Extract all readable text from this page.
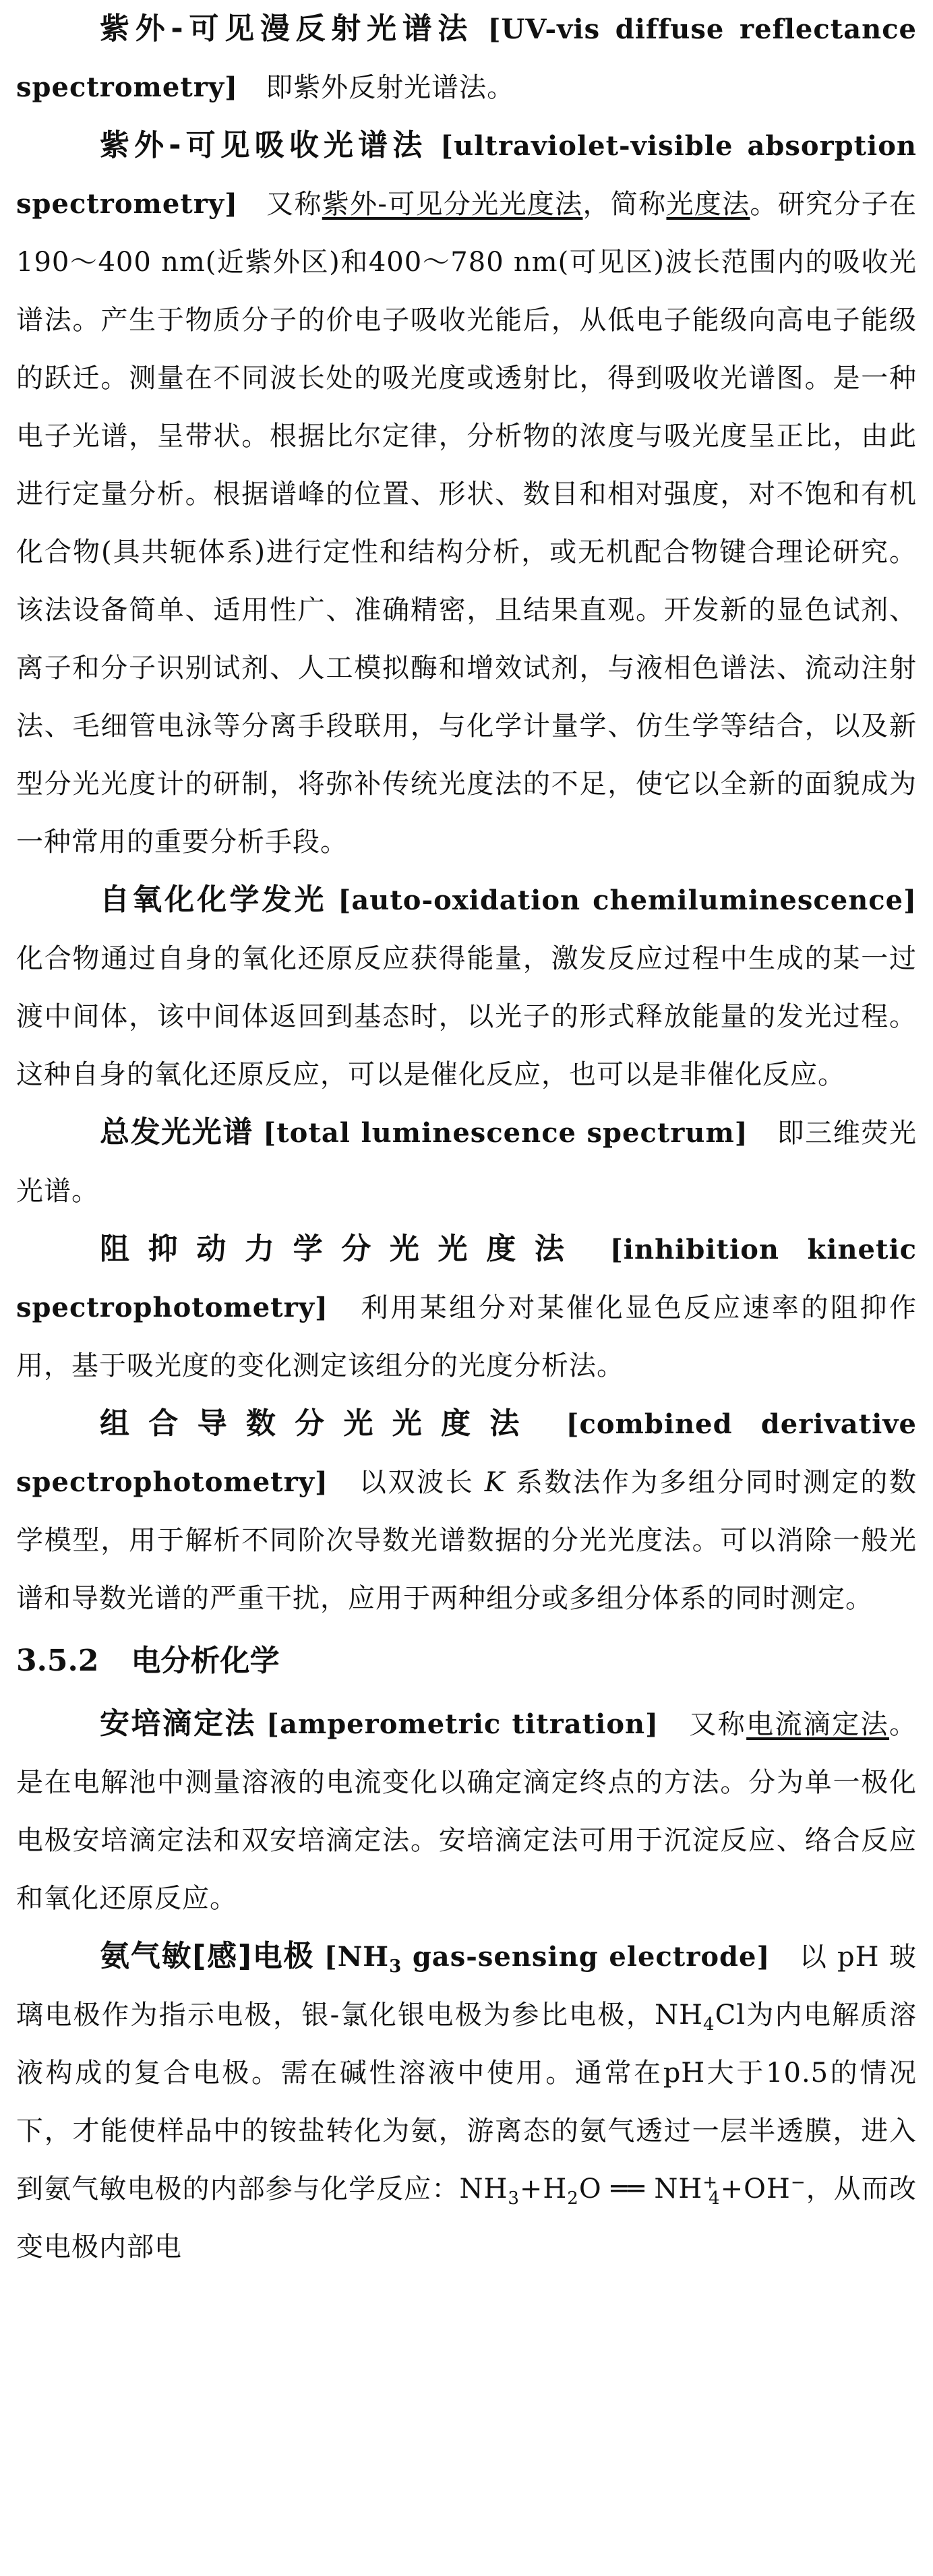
紫外-可见漫反射光谱法 [UV-vis diffuse reflectance spectrometry] 即紫外反射光谱法。

紫外-可见吸收光谱法 [ultraviolet-visible absorption spectrometry] 又称紫外-可见分光光度法，简称光度法。研究分子在190～400 nm(近紫外区)和400～780 nm(可见区)波长范围内的吸收光谱法。产生于物质分子的价电子吸收光能后，从低电子能级向高电子能级的跃迁。测量在不同波长处的吸光度或透射比，得到吸收光谱图。是一种电子光谱，呈带状。根据比尔定律，分析物的浓度与吸光度呈正比，由此进行定量分析。根据谱峰的位置、形状、数目和相对强度，对不饱和有机化合物(具共轭体系)进行定性和结构分析，或无机配合物键合理论研究。该法设备简单、适用性广、准确精密，且结果直观。开发新的显色试剂、离子和分子识别试剂、人工模拟酶和增效试剂，与液相色谱法、流动注射法、毛细管电泳等分离手段联用，与化学计量学、仿生学等结合，以及新型分光光度计的研制，将弥补传统光度法的不足，使它以全新的面貌成为一种常用的重要分析手段。

自氧化化学发光 [auto-oxidation chemiluminescence] 化合物通过自身的氧化还原反应获得能量，激发反应过程中生成的某一过渡中间体，该中间体返回到基态时，以光子的形式释放能量的发光过程。这种自身的氧化还原反应，可以是催化反应，也可以是非催化反应。

总发光光谱 [total luminescence spectrum] 即三维荧光光谱。

阻抑动力学分光光度法 [inhibition kinetic spectrophotometry] 利用某组分对某催化显色反应速率的阻抑作用，基于吸光度的变化测定该组分的光度分析法。

组合导数分光光度法 [combined derivative spectrophotometry] 以双波长 K 系数法作为多组分同时测定的数学模型，用于解析不同阶次导数光谱数据的分光光度法。可以消除一般光谱和导数光谱的严重干扰，应用于两种组分或多组分体系的同时测定。

3.5.2 电分析化学

安培滴定法 [amperometric titration] 又称电流滴定法。是在电解池中测量溶液的电流变化以确定滴定终点的方法。分为单一极化电极安培滴定法和双安培滴定法。安培滴定法可用于沉淀反应、络合反应和氧化还原反应。

氨气敏[感]电极 [$NH_3$ gas-sensing electrode] 以 pH 玻璃电极作为指示电极，银-氯化银电极为参比电极，$NH_4Cl$为内电解质溶液构成的复合电极。需在碱性溶液中使用。通常在pH大于10.5的情况下，才能使样品中的铵盐转化为氨，游离态的氨气透过一层半透膜，进入到氨气敏电极的内部参与化学反应：$NH_3+H_2O$ ══ $NH^+_4+OH^-$，从而改变电极内部电
